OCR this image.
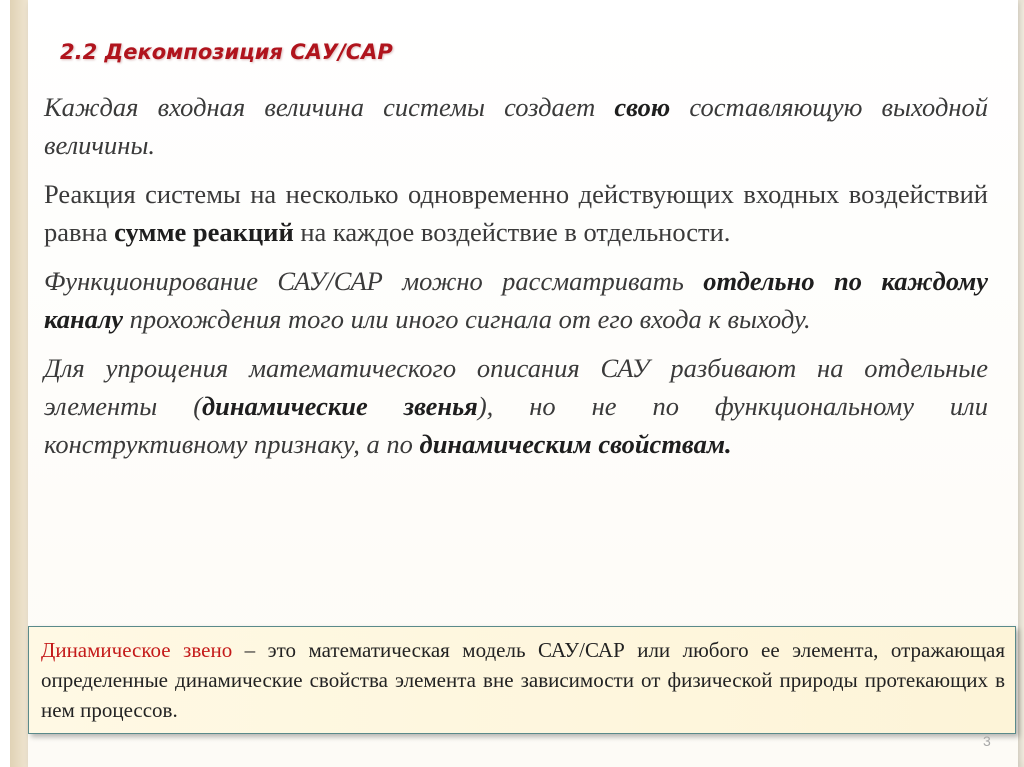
2.2 Декомпозиция САУ/САР

Каждая входная величина системы создает свою составляющую выходной величины.

Реакция системы на несколько одновременно действующих входных воздействий равна сумме реакций на каждое воздействие в отдельности.

Функционирование САУ/САР можно рассматривать отдельно по каждому каналу прохождения того или иного сигнала от его входа к выходу.

Для упрощения математического описания САУ разбивают на отдельные элементы (динамические звенья), но не по функциональному или конструктивному признаку, а по динамическим свойствам.

Динамическое звено – это математическая модель САУ/САР или любого ее элемента, отражающая определенные динамические свойства элемента вне зависимости от физической природы протекающих в нем процессов.
3
